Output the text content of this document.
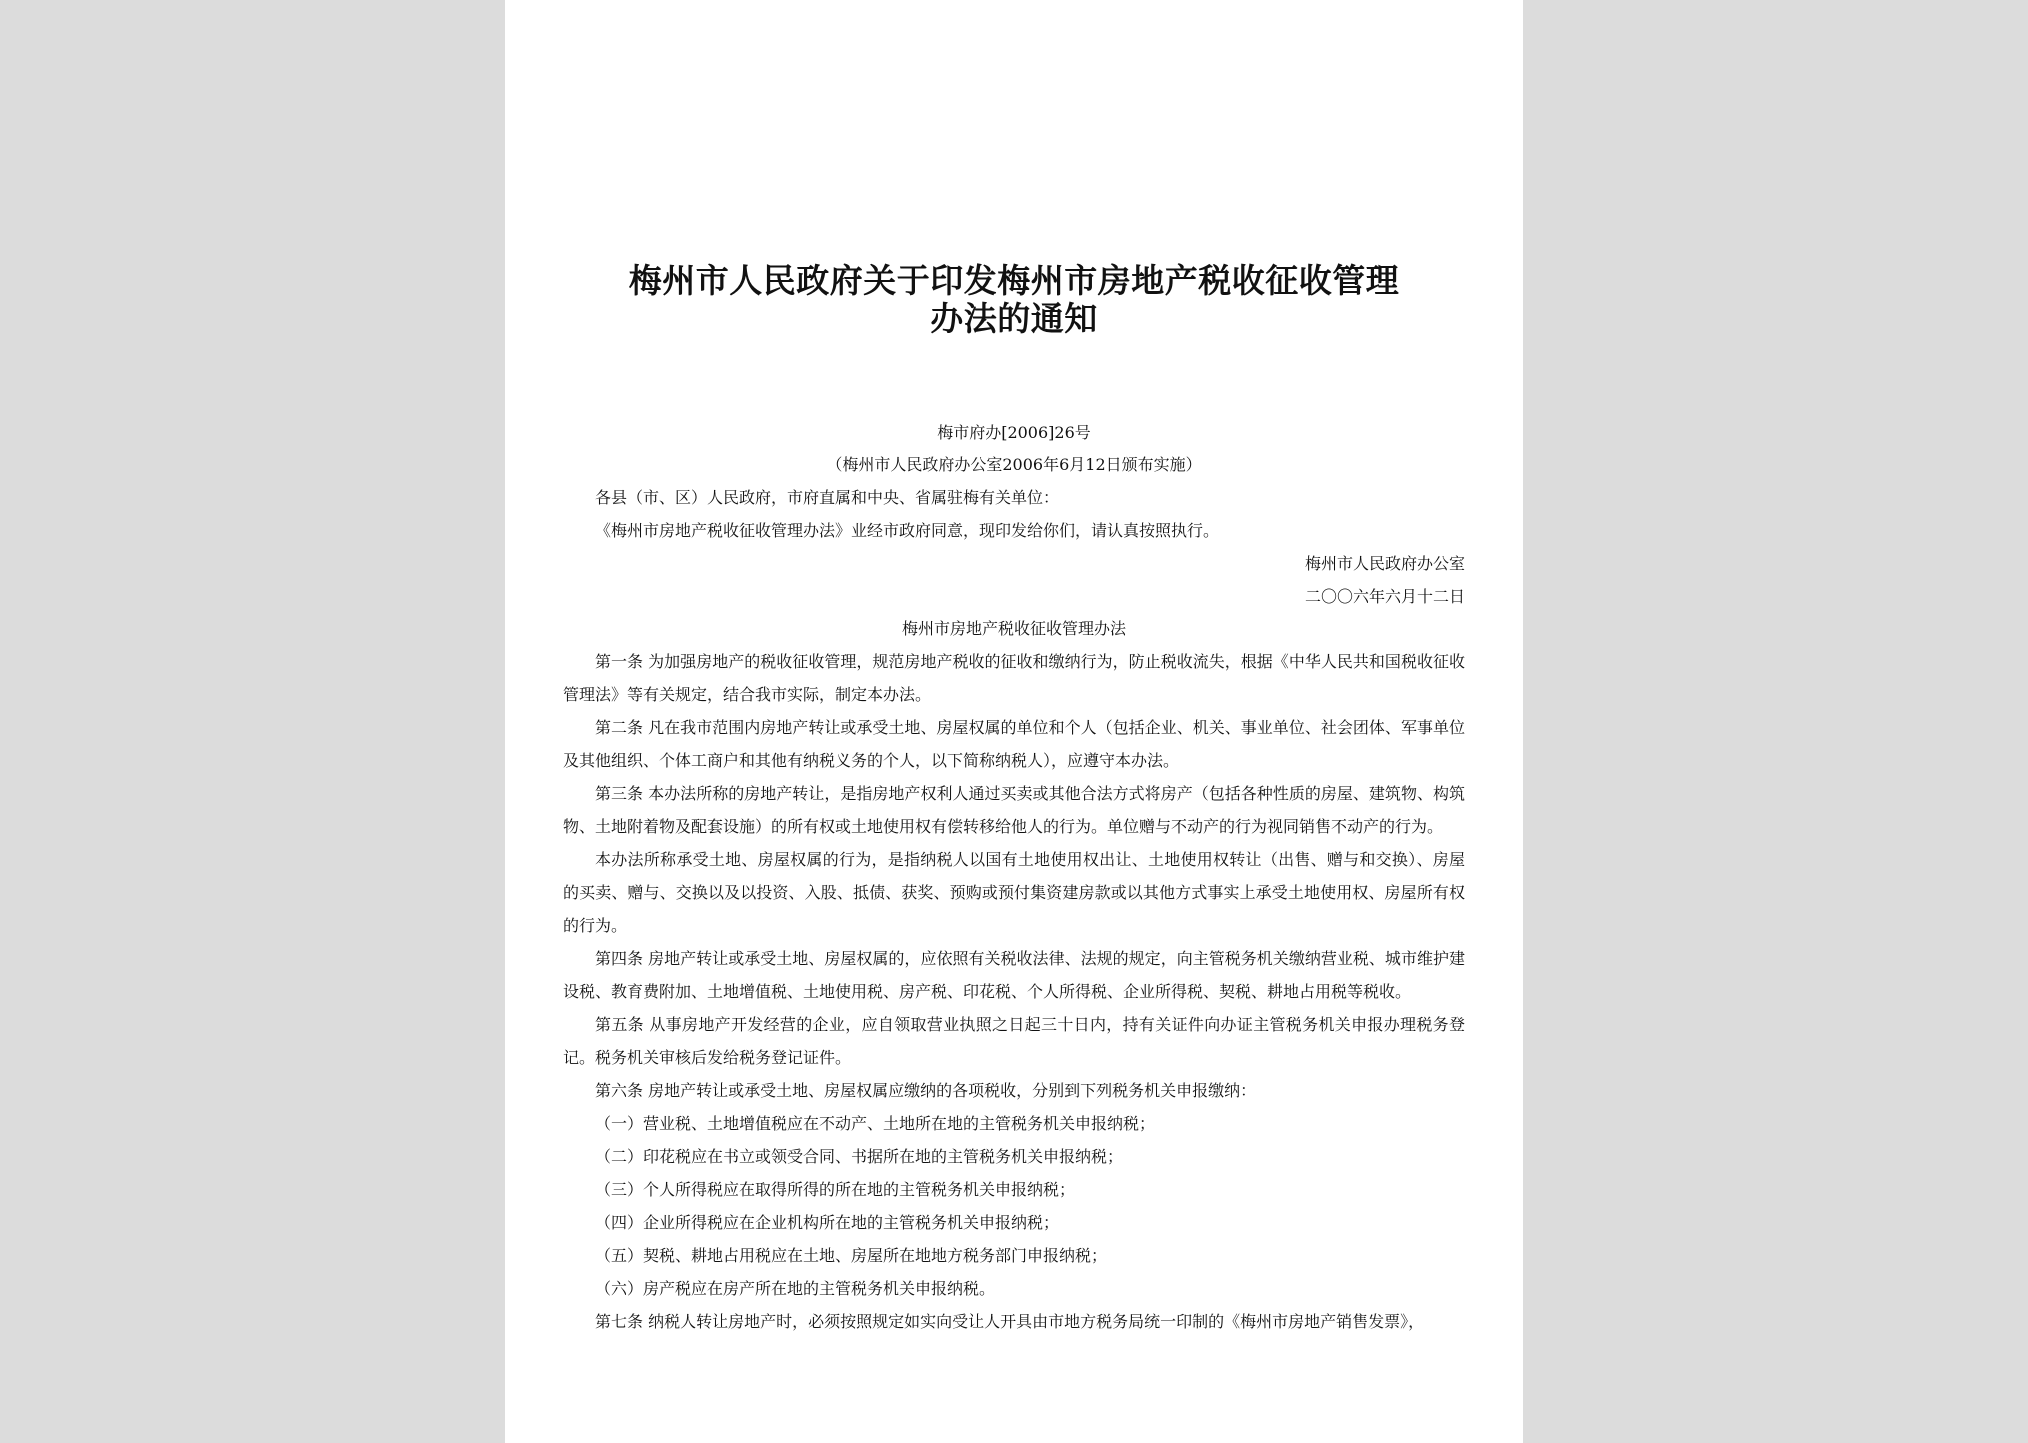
梅州市人民政府关于印发梅州市房地产税收征收管理
办法的通知
梅市府办[2006]26号
（梅州市人民政府办公室2006年6月12日颁布实施）
各县（市、区）人民政府，市府直属和中央、省属驻梅有关单位：
《梅州市房地产税收征收管理办法》业经市政府同意，现印发给你们，请认真按照执行。
梅州市人民政府办公室
二〇〇六年六月十二日
梅州市房地产税收征收管理办法

第一条 为加强房地产的税收征收管理，规范房地产税收的征收和缴纳行为，防止税收流失，根据《中华人民共和国税收征收管理法》等有关规定，结合我市实际，制定本办法。

第二条 凡在我市范围内房地产转让或承受土地、房屋权属的单位和个人（包括企业、机关、事业单位、社会团体、军事单位及其他组织、个体工商户和其他有纳税义务的个人，以下简称纳税人），应遵守本办法。

第三条 本办法所称的房地产转让，是指房地产权利人通过买卖或其他合法方式将房产（包括各种性质的房屋、建筑物、构筑物、土地附着物及配套设施）的所有权或土地使用权有偿转移给他人的行为。单位赠与不动产的行为视同销售不动产的行为。

本办法所称承受土地、房屋权属的行为，是指纳税人以国有土地使用权出让、土地使用权转让（出售、赠与和交换）、房屋的买卖、赠与、交换以及以投资、入股、抵债、获奖、预购或预付集资建房款或以其他方式事实上承受土地使用权、房屋所有权的行为。

第四条 房地产转让或承受土地、房屋权属的，应依照有关税收法律、法规的规定，向主管税务机关缴纳营业税、城市维护建设税、教育费附加、土地增值税、土地使用税、房产税、印花税、个人所得税、企业所得税、契税、耕地占用税等税收。

第五条 从事房地产开发经营的企业，应自领取营业执照之日起三十日内，持有关证件向办证主管税务机关申报办理税务登记。税务机关审核后发给税务登记证件。

第六条 房地产转让或承受土地、房屋权属应缴纳的各项税收，分别到下列税务机关申报缴纳：

（一）营业税、土地增值税应在不动产、土地所在地的主管税务机关申报纳税；

（二）印花税应在书立或领受合同、书据所在地的主管税务机关申报纳税；

（三）个人所得税应在取得所得的所在地的主管税务机关申报纳税；

（四）企业所得税应在企业机构所在地的主管税务机关申报纳税；

（五）契税、耕地占用税应在土地、房屋所在地地方税务部门申报纳税；

（六）房产税应在房产所在地的主管税务机关申报纳税。

第七条 纳税人转让房地产时，必须按照规定如实向受让人开具由市地方税务局统一印制的《梅州市房地产销售发票》，
